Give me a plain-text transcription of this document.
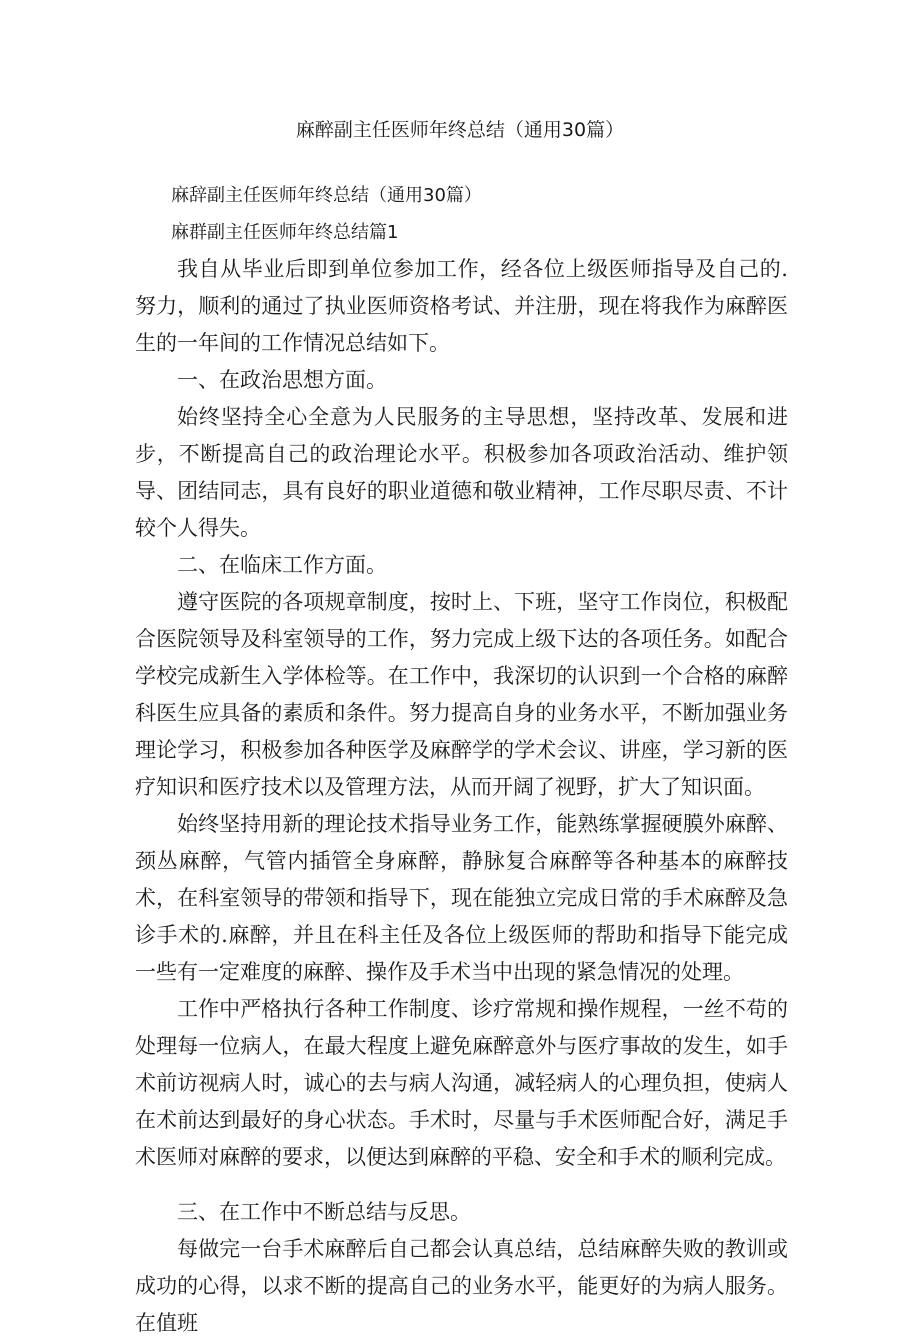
麻醉副主任医师年终总结（通用30篇）

麻辞副主任医师年终总结（通用30篇）

麻群副主任医师年终总结篇1

我自从毕业后即到单位参加工作，经各位上级医师指导及自己的.努力，顺利的通过了执业医师资格考试、并注册，现在将我作为麻醉医生的一年间的工作情况总结如下。

一、在政治思想方面。

始终坚持全心全意为人民服务的主导思想，坚持改革、发展和进步，不断提高自己的政治理论水平。积极参加各项政治活动、维护领导、团结同志，具有良好的职业道德和敬业精神，工作尽职尽责、不计较个人得失。

二、在临床工作方面。

遵守医院的各项规章制度，按时上、下班，坚守工作岗位，积极配合医院领导及科室领导的工作，努力完成上级下达的各项任务。如配合学校完成新生入学体检等。在工作中，我深切的认识到一个合格的麻醉科医生应具备的素质和条件。努力提高自身的业务水平，不断加强业务理论学习，积极参加各种医学及麻醉学的学术会议、讲座，学习新的医疗知识和医疗技术以及管理方法，从而开阔了视野，扩大了知识面。

始终坚持用新的理论技术指导业务工作，能熟练掌握硬膜外麻醉、颈丛麻醉，气管内插管全身麻醉，静脉复合麻醉等各种基本的麻醉技术，在科室领导的带领和指导下，现在能独立完成日常的手术麻醉及急诊手术的.麻醉，并且在科主任及各位上级医师的帮助和指导下能完成一些有一定难度的麻醉、操作及手术当中出现的紧急情况的处理。

工作中严格执行各种工作制度、诊疗常规和操作规程，一丝不苟的处理每一位病人，在最大程度上避免麻醉意外与医疗事故的发生，如手术前访视病人时，诚心的去与病人沟通，减轻病人的心理负担，使病人在术前达到最好的身心状态。手术时，尽量与手术医师配合好，满足手术医师对麻醉的要求，以便达到麻醉的平稳、安全和手术的顺利完成。

三、在工作中不断总结与反思。

每做完一台手术麻醉后自己都会认真总结，总结麻醉失败的教训或成功的心得，以求不断的提高自己的业务水平，能更好的为病人服务。在值班
